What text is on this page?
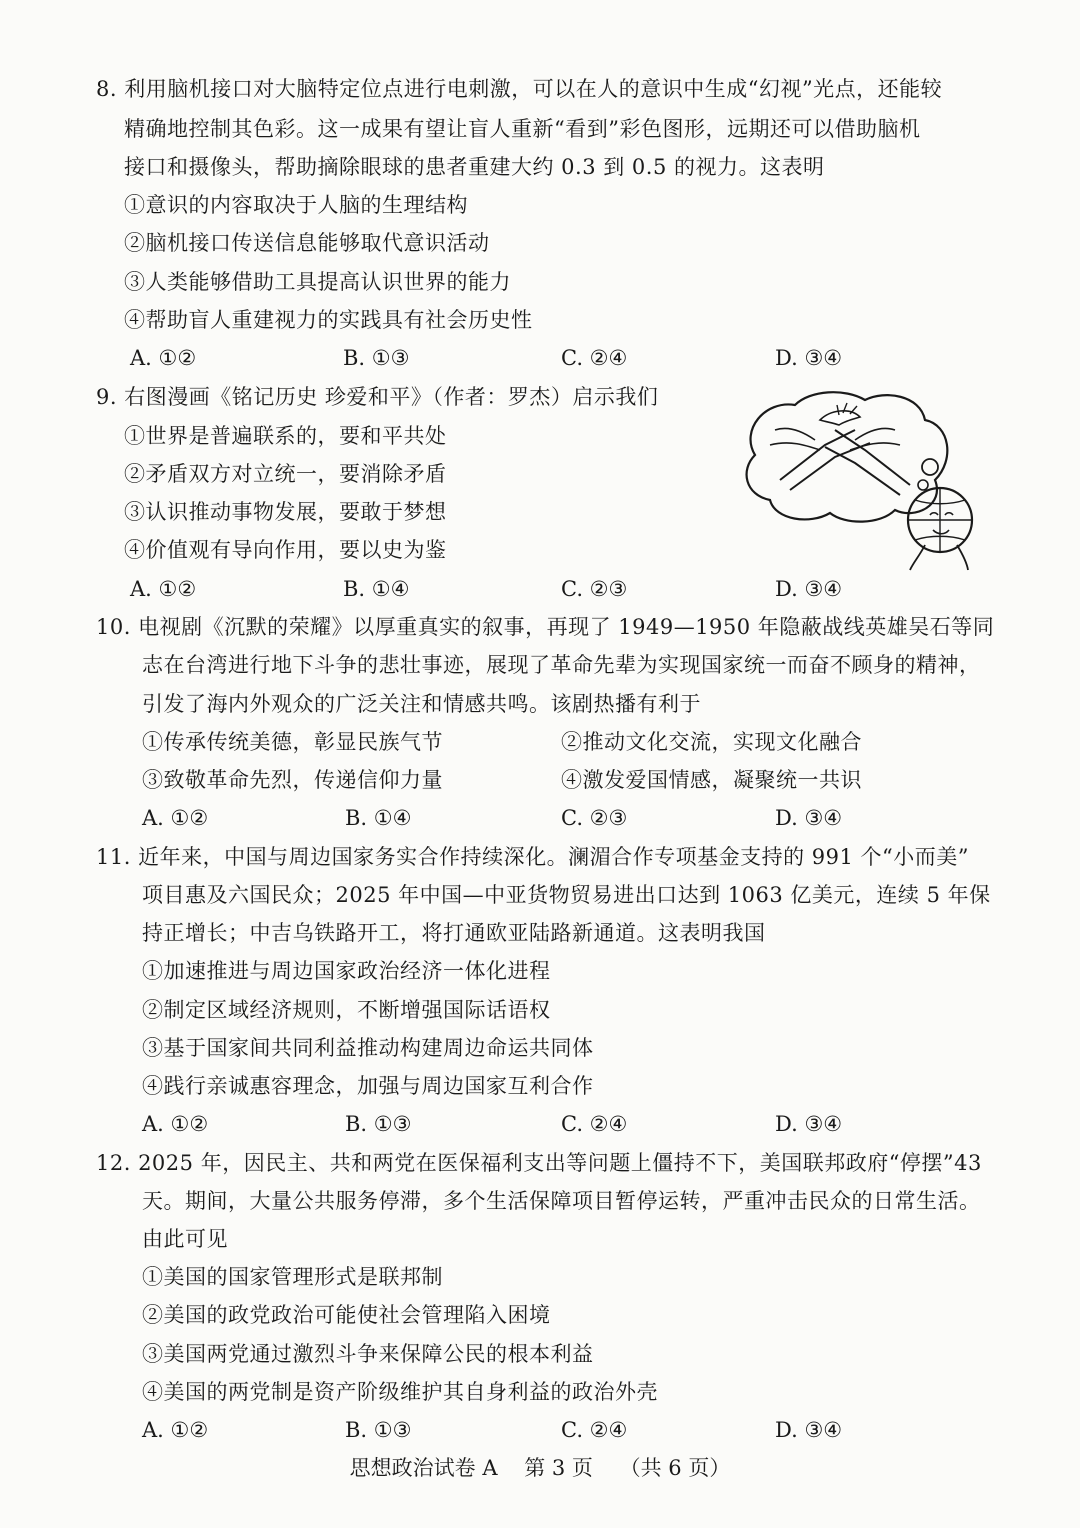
8. 利用脑机接口对大脑特定位点进行电刺激，可以在人的意识中生成“幻视”光点，还能较
精确地控制其色彩。这一成果有望让盲人重新“看到”彩色图形，远期还可以借助脑机
接口和摄像头，帮助摘除眼球的患者重建大约 0.3 到 0.5 的视力。这表明
①意识的内容取决于人脑的生理结构
②脑机接口传送信息能够取代意识活动
③人类能够借助工具提高认识世界的能力
④帮助盲人重建视力的实践具有社会历史性
A. ①②	B. ①③	C. ②④	D. ③④
9. 右图漫画《铭记历史 珍爱和平》（作者：罗杰）启示我们
①世界是普遍联系的，要和平共处
②矛盾双方对立统一，要消除矛盾
③认识推动事物发展，要敢于梦想
④价值观有导向作用，要以史为鉴
A. ①②	B. ①④	C. ②③	D. ③④
10. 电视剧《沉默的荣耀》以厚重真实的叙事，再现了 1949—1950 年隐蔽战线英雄吴石等同
志在台湾进行地下斗争的悲壮事迹，展现了革命先辈为实现国家统一而奋不顾身的精神，
引发了海内外观众的广泛关注和情感共鸣。该剧热播有利于
①传承传统美德，彰显民族气节	②推动文化交流，实现文化融合
③致敬革命先烈，传递信仰力量	④激发爱国情感，凝聚统一共识
A. ①②	B. ①④	C. ②③	D. ③④
11. 近年来，中国与周边国家务实合作持续深化。澜湄合作专项基金支持的 991 个“小而美”
项目惠及六国民众；2025 年中国—中亚货物贸易进出口达到 1063 亿美元，连续 5 年保
持正增长；中吉乌铁路开工，将打通欧亚陆路新通道。这表明我国
①加速推进与周边国家政治经济一体化进程
②制定区域经济规则，不断增强国际话语权
③基于国家间共同利益推动构建周边命运共同体
④践行亲诚惠容理念，加强与周边国家互利合作
A. ①②	B. ①③	C. ②④	D. ③④
12. 2025 年，因民主、共和两党在医保福利支出等问题上僵持不下，美国联邦政府“停摆”43
天。期间，大量公共服务停滞，多个生活保障项目暂停运转，严重冲击民众的日常生活。
由此可见
①美国的国家管理形式是联邦制
②美国的政党政治可能使社会管理陷入困境
③美国两党通过激烈斗争来保障公民的根本利益
④美国的两党制是资产阶级维护其自身利益的政治外壳
A. ①②	B. ①③	C. ②④	D. ③④
思想政治试卷 A 第 3 页 （共 6 页）
